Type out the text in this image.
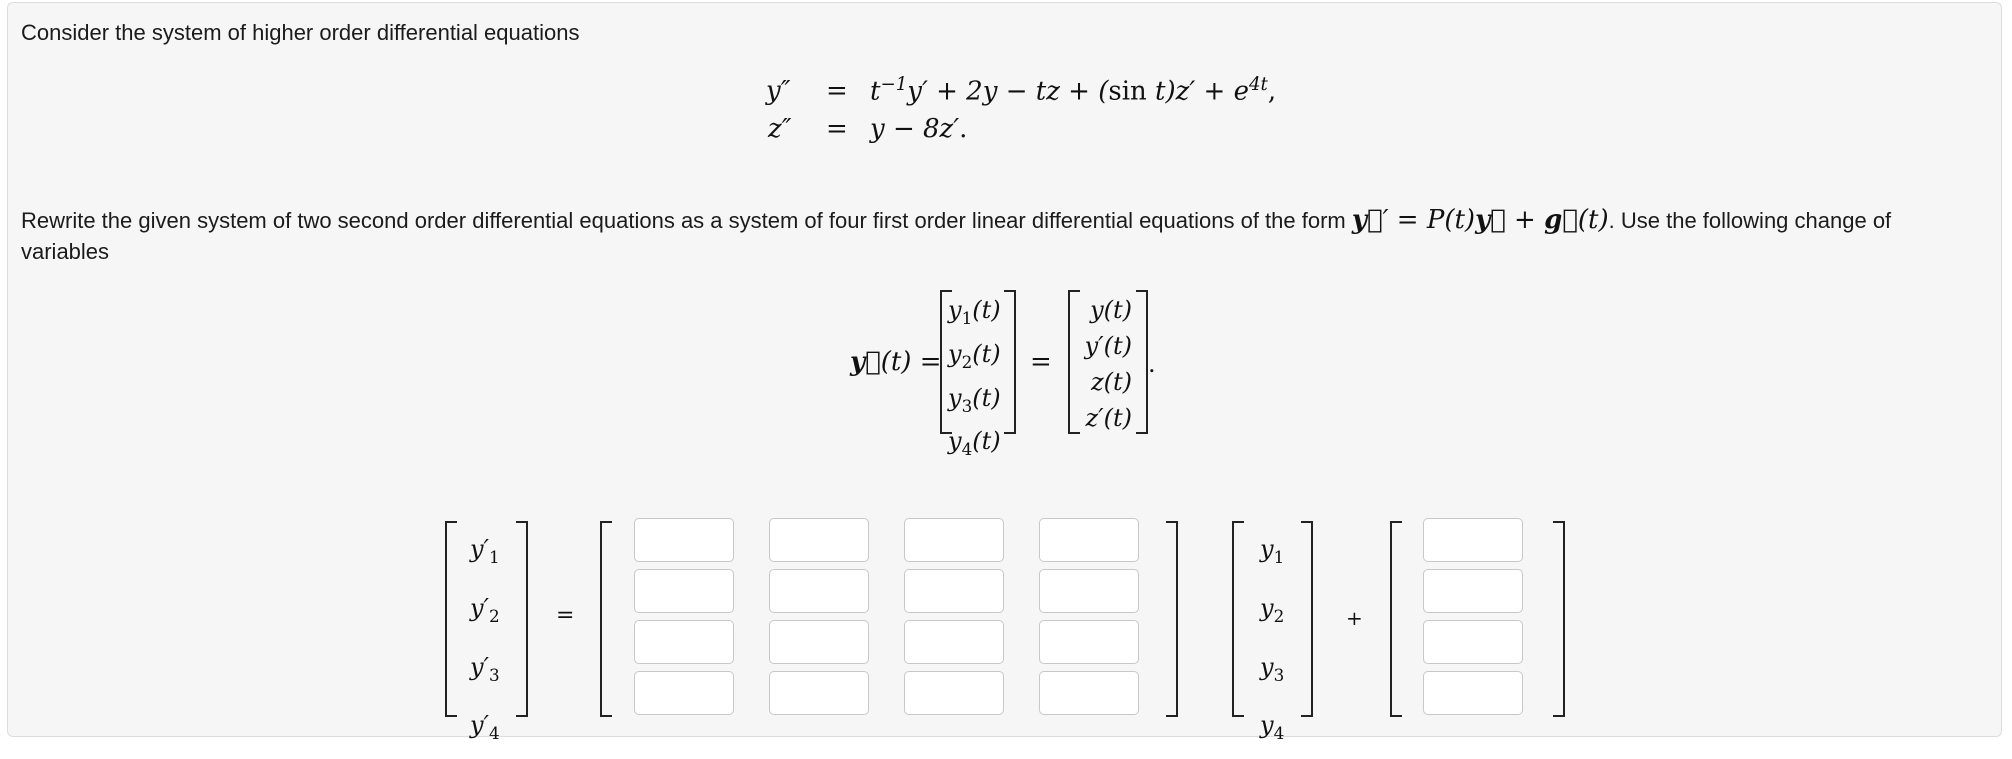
Consider the system of higher order differential equations
$y'' = t^{-1}y' + 2y$ − tz + (sin $t)z' + e^{4t}$,
z″ = y − 8z′.
Rewrite the given system of two second order differential equations as a system of four first order linear differential equations of the form y⃗′ = P(t)y⃗ + g⃗(t). Use the following change of
variables
y⃗(t) =
$y_1(t)$
$y_2(t)$
$y_3(t)$
$y_4(t)$
=
y(t)
y′(t)
z(t)
z′(t)
.
$y'_1$
$y'_2$
$y'_3$
$y'_4$
=
$y_1$
$y_2$
$y_3$
$y_4$
+
